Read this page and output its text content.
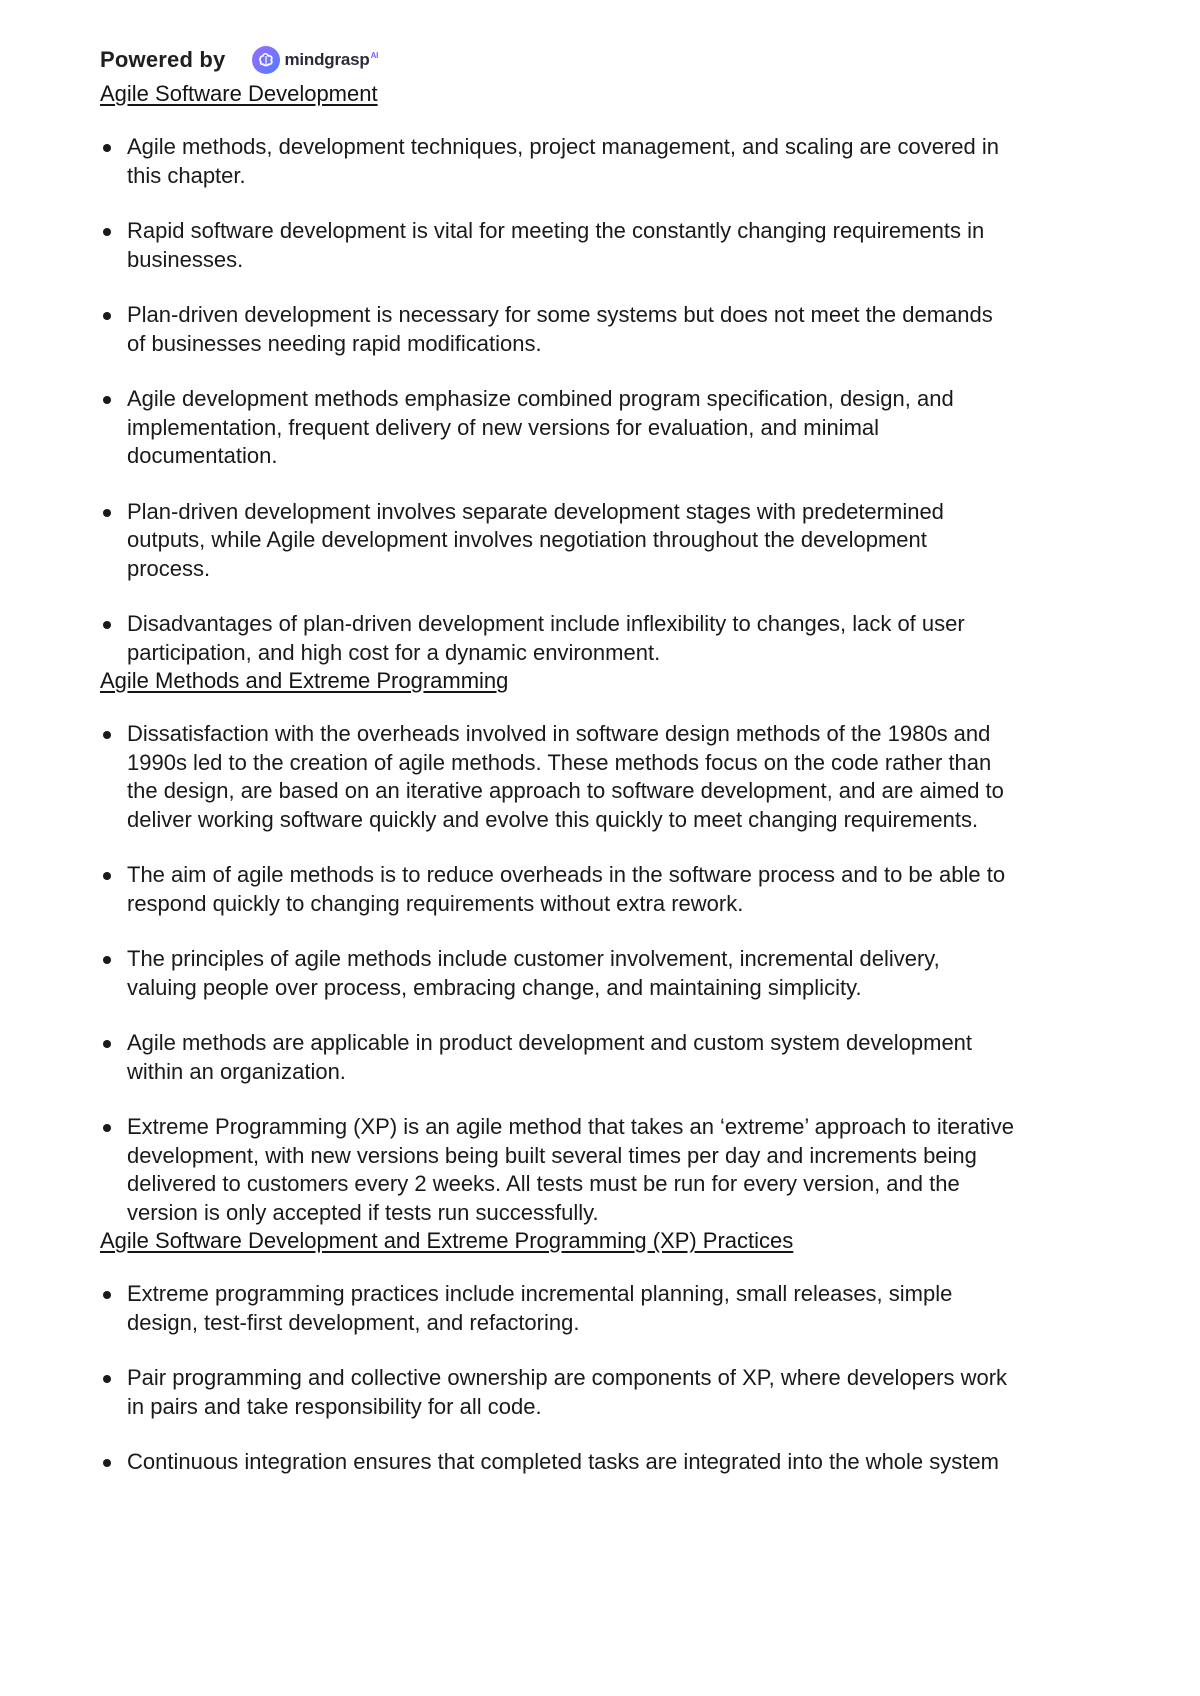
Powered by	mindgrasp$^{AI}$
Agile Software Development
Agile methods, development techniques, project management, and scaling are covered in
this chapter.
Rapid software development is vital for meeting the constantly changing requirements in
businesses.
Plan-driven development is necessary for some systems but does not meet the demands
of businesses needing rapid modifications.
Agile development methods emphasize combined program specification, design, and
implementation, frequent delivery of new versions for evaluation, and minimal
documentation.
Plan-driven development involves separate development stages with predetermined
outputs, while Agile development involves negotiation throughout the development
process.
Disadvantages of plan-driven development include inflexibility to changes, lack of user
participation, and high cost for a dynamic environment.
Agile Methods and Extreme Programming
Dissatisfaction with the overheads involved in software design methods of the 1980s and
1990s led to the creation of agile methods. These methods focus on the code rather than
the design, are based on an iterative approach to software development, and are aimed to
deliver working software quickly and evolve this quickly to meet changing requirements.
The aim of agile methods is to reduce overheads in the software process and to be able to
respond quickly to changing requirements without extra rework.
The principles of agile methods include customer involvement, incremental delivery,
valuing people over process, embracing change, and maintaining simplicity.
Agile methods are applicable in product development and custom system development
within an organization.
Extreme Programming (XP) is an agile method that takes an ‘extreme’ approach to iterative
development, with new versions being built several times per day and increments being
delivered to customers every 2 weeks. All tests must be run for every version, and the
version is only accepted if tests run successfully.
Agile Software Development and Extreme Programming (XP) Practices
Extreme programming practices include incremental planning, small releases, simple
design, test-first development, and refactoring.
Pair programming and collective ownership are components of XP, where developers work
in pairs and take responsibility for all code.
Continuous integration ensures that completed tasks are integrated into the whole system
